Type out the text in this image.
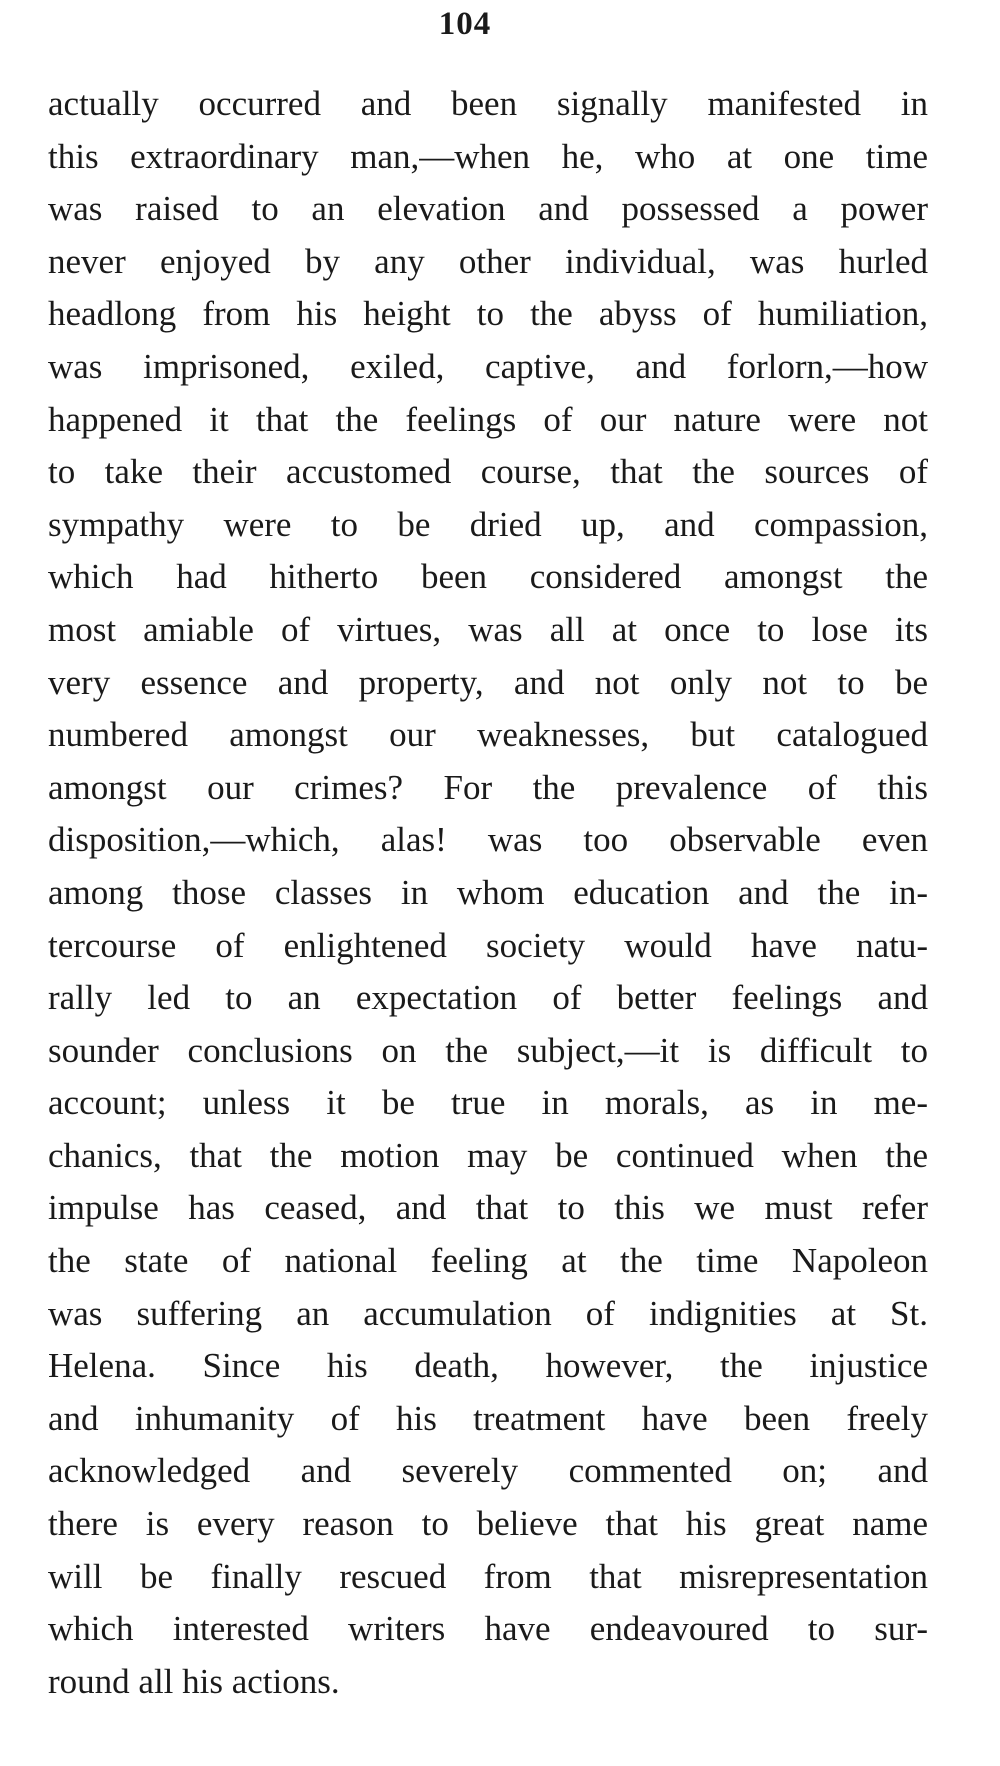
104
actually occurred and been signally manifested in
this extraordinary man,—when he, who at one time
was raised to an elevation and possessed a power
never enjoyed by any other individual, was hurled
headlong from his height to the abyss of humiliation,
was imprisoned, exiled, captive, and forlorn,—how
happened it that the feelings of our nature were not
to take their accustomed course, that the sources of
sympathy were to be dried up, and compassion,
which had hitherto been considered amongst the
most amiable of virtues, was all at once to lose its
very essence and property, and not only not to be
numbered amongst our weaknesses, but catalogued
amongst our crimes? For the prevalence of this
disposition,—which, alas! was too observable even
among those classes in whom education and the in-
tercourse of enlightened society would have natu-
rally led to an expectation of better feelings and
sounder conclusions on the subject,—it is difficult to
account; unless it be true in morals, as in me-
chanics, that the motion may be continued when the
impulse has ceased, and that to this we must refer
the state of national feeling at the time Napoleon
was suffering an accumulation of indignities at St.
Helena. Since his death, however, the injustice
and inhumanity of his treatment have been freely
acknowledged and severely commented on; and
there is every reason to believe that his great name
will be finally rescued from that misrepresentation
which interested writers have endeavoured to sur-
round all his actions.
